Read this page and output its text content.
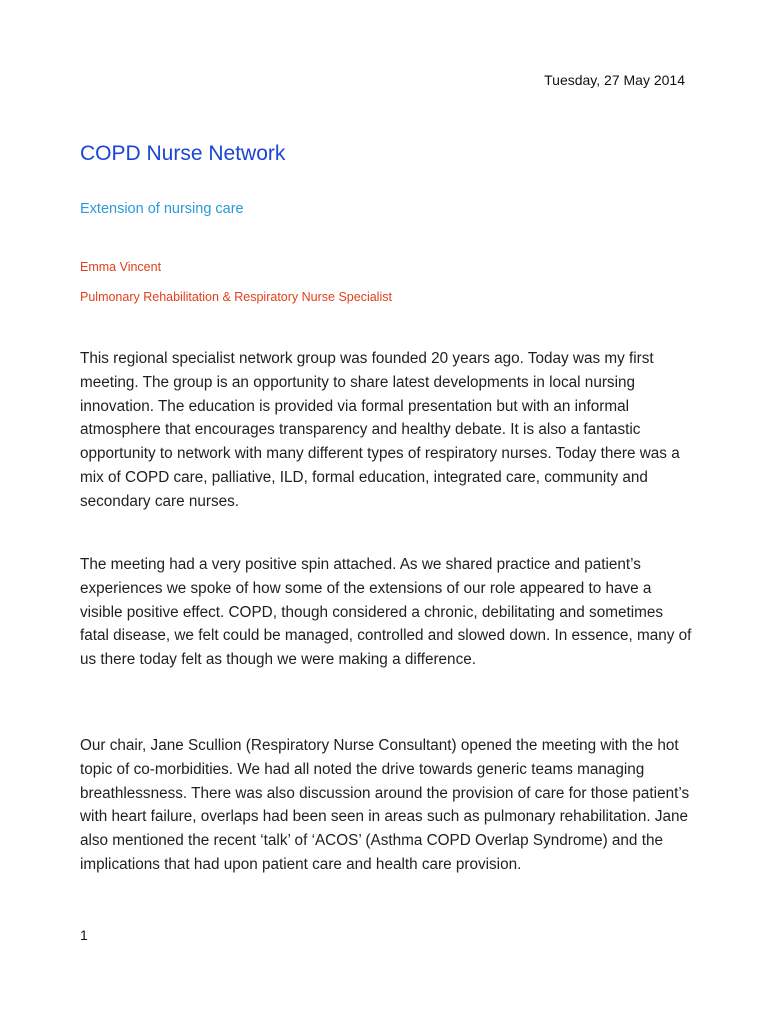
Tuesday, 27 May 2014
COPD Nurse Network
Extension of nursing care
Emma Vincent
Pulmonary Rehabilitation & Respiratory Nurse Specialist

This regional specialist network group was founded 20 years ago. Today was my first meeting. The group is an opportunity to share latest developments in local nursing innovation. The education is provided via formal presentation but with an informal atmosphere that encourages transparency and healthy debate. It is also a fantastic opportunity to network with many different types of respiratory nurses. Today there was a mix of COPD care, palliative, ILD, formal education, integrated care, community and secondary care nurses.

The meeting had a very positive spin attached. As we shared practice and patient’s experiences we spoke of how some of the extensions of our role appeared to have a visible positive effect. COPD, though considered a chronic, debilitating and sometimes fatal disease, we felt could be managed, controlled and slowed down. In essence, many of us there today felt as though we were making a difference.

Our chair, Jane Scullion (Respiratory Nurse Consultant) opened the meeting with the hot topic of co-morbidities. We had all noted the drive towards generic teams managing breathlessness. There was also discussion around the provision of care for those patient’s with heart failure, overlaps had been seen in areas such as pulmonary rehabilitation. Jane also mentioned the recent ‘talk’ of ‘ACOS’ (Asthma COPD Overlap Syndrome) and the implications that had upon patient care and health care provision.

1
